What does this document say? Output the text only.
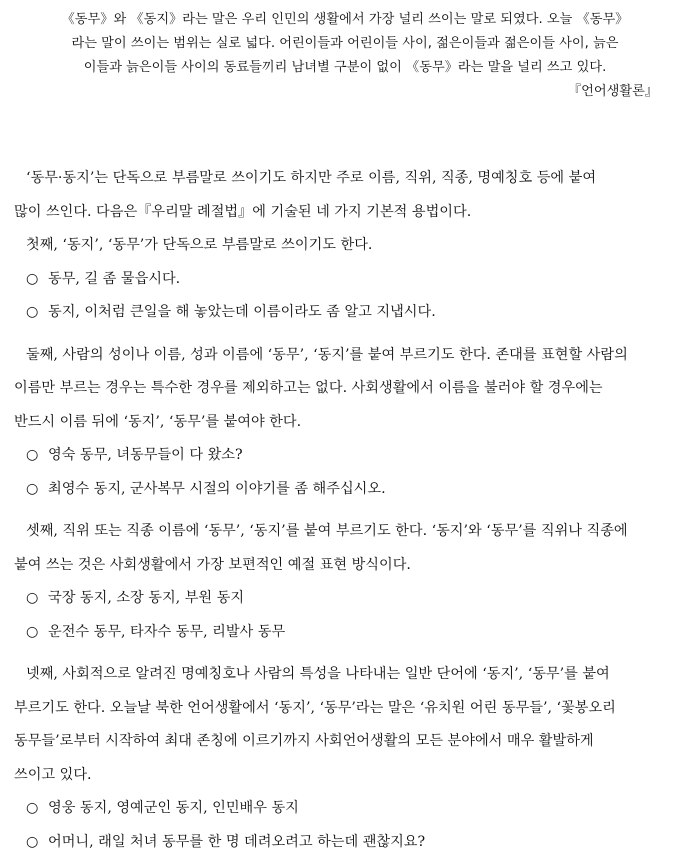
《동무》와 《동지》라는 말은 우리 인민의 생활에서 가장 널리 쓰이는 말로 되였다. 오늘 《동무》
라는 말이 쓰이는 범위는 실로 넓다. 어린이들과 어린이들 사이, 젊은이들과 젊은이들 사이, 늙은
이들과 늙은이들 사이의 동료들끼리 남녀별 구분이 없이 《동무》라는 말을 널리 쓰고 있다.
『언어생활론』
‘동무·동지’는 단독으로 부름말로 쓰이기도 하지만 주로 이름, 직위, 직종, 명예칭호 등에 붙여
많이 쓰인다. 다음은『우리말 례절법』에 기술된 네 가지 기본적 용법이다.
첫째, ‘동지’, ‘동무’가 단독으로 부름말로 쓰이기도 한다.
○ 동무, 길 좀 물읍시다.
○ 동지, 이처럼 큰일을 해 놓았는데 이름이라도 좀 알고 지냅시다.
둘째, 사람의 성이나 이름, 성과 이름에 ‘동무’, ‘동지’를 붙여 부르기도 한다. 존대를 표현할 사람의
이름만 부르는 경우는 특수한 경우를 제외하고는 없다. 사회생활에서 이름을 불러야 할 경우에는
반드시 이름 뒤에 ‘동지’, ‘동무’를 붙여야 한다.
○ 영숙 동무, 녀동무들이 다 왔소?
○ 최영수 동지, 군사복무 시절의 이야기를 좀 해주십시오.
셋째, 직위 또는 직종 이름에 ‘동무’, ‘동지’를 붙여 부르기도 한다. ‘동지’와 ‘동무’를 직위나 직종에
붙여 쓰는 것은 사회생활에서 가장 보편적인 예절 표현 방식이다.
○ 국장 동지, 소장 동지, 부원 동지
○ 운전수 동무, 타자수 동무, 리발사 동무
넷째, 사회적으로 알려진 명예칭호나 사람의 특성을 나타내는 일반 단어에 ‘동지’, ‘동무’를 붙여
부르기도 한다. 오늘날 북한 언어생활에서 ‘동지’, ‘동무’라는 말은 ‘유치원 어린 동무들’, ‘꽃봉오리
동무들’로부터 시작하여 최대 존칭에 이르기까지 사회언어생활의 모든 분야에서 매우 활발하게
쓰이고 있다.
○ 영웅 동지, 영예군인 동지, 인민배우 동지
○ 어머니, 래일 처녀 동무를 한 명 데려오려고 하는데 괜찮지요?
